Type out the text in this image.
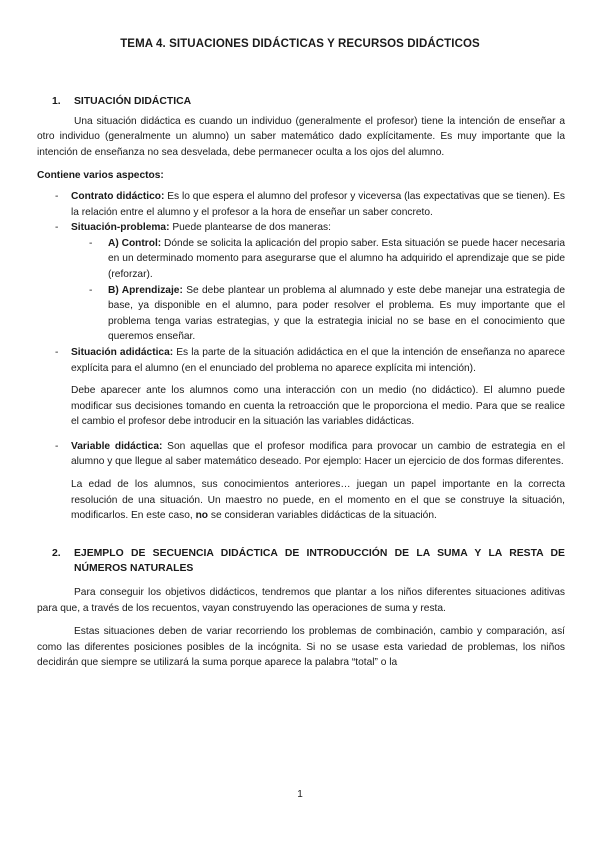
TEMA 4. SITUACIONES DIDÁCTICAS Y RECURSOS DIDÁCTICOS
1.	SITUACIÓN DIDÁCTICA

Una situación didáctica es cuando un individuo (generalmente el profesor) tiene la intención de enseñar a otro individuo (generalmente un alumno) un saber matemático dado explícitamente. Es muy importante que la intención de enseñanza no sea desvelada, debe permanecer oculta a los ojos del alumno.

Contiene varios aspectos:

-	Contrato didáctico: Es lo que espera el alumno del profesor y viceversa (las expectativas que se tienen). Es la relación entre el alumno y el profesor a la hora de enseñar un saber concreto.
-	Situación-problema: Puede plantearse de dos maneras:
-	A) Control: Dónde se solicita la aplicación del propio saber. Esta situación se puede hacer necesaria en un determinado momento para asegurarse que el alumno ha adquirido el aprendizaje que se pide (reforzar).
-	B) Aprendizaje: Se debe plantear un problema al alumnado y este debe manejar una estrategia de base, ya disponible en el alumno, para poder resolver el problema. Es muy importante que el problema tenga varias estrategias, y que la estrategia inicial no se base en el conocimiento que queremos enseñar.
-	Situación adidáctica: Es la parte de la situación adidáctica en el que la intención de enseñanza no aparece explícita para el alumno (en el enunciado del problema no aparece explícita mi intención).

Debe aparecer ante los alumnos como una interacción con un medio (no didáctico). El alumno puede modificar sus decisiones tomando en cuenta la retroacción que le proporciona el medio. Para que se realice el cambio el profesor debe introducir en la situación las variables didácticas.

-	Variable didáctica: Son aquellas que el profesor modifica para provocar un cambio de estrategia en el alumno y que llegue al saber matemático deseado. Por ejemplo: Hacer un ejercicio de dos formas diferentes.

La edad de los alumnos, sus conocimientos anteriores… juegan un papel importante en la correcta resolución de una situación. Un maestro no puede, en el momento en el que se construye la situación, modificarlos. En este caso, no se consideran variables didácticas de la situación.

2.	EJEMPLO DE SECUENCIA DIDÁCTICA DE INTRODUCCIÓN DE LA SUMA Y LA RESTA DE NÚMEROS NATURALES

Para conseguir los objetivos didácticos, tendremos que plantar a los niños diferentes situaciones aditivas para que, a través de los recuentos, vayan construyendo las operaciones de suma y resta.

Estas situaciones deben de variar recorriendo los problemas de combinación, cambio y comparación, así como las diferentes posiciones posibles de la incógnita. Si no se usase esta variedad de problemas, los niños decidirán que siempre se utilizará la suma porque aparece la palabra “total” o la

1
